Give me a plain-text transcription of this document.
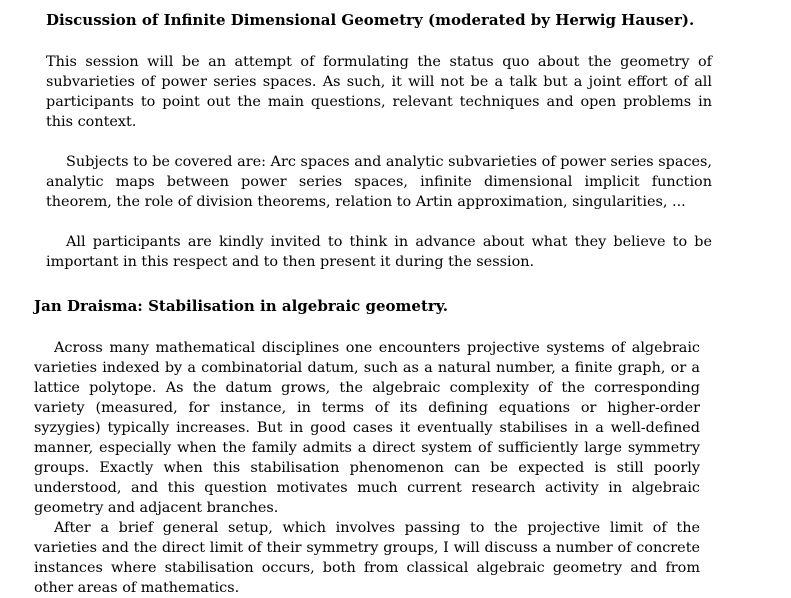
Discussion of Infinite Dimensional Geometry (moderated by Herwig Hauser).

This session will be an attempt of formulating the status quo about the geometry of subvarieties of power series spaces. As such, it will not be a talk but a joint effort of all participants to point out the main questions, relevant techniques and open problems in this context.

Subjects to be covered are: Arc spaces and analytic subvarieties of power series spaces, analytic maps between power series spaces, infinite dimensional implicit function theorem, the role of division theorems, relation to Artin approximation, singularities, ...

All participants are kindly invited to think in advance about what they believe to be important in this respect and to then present it during the session.

Jan Draisma: Stabilisation in algebraic geometry.

Across many mathematical disciplines one encounters projective systems of algebraic varieties indexed by a combinatorial datum, such as a natural number, a finite graph, or a lattice polytope. As the datum grows, the algebraic complexity of the corresponding variety (measured, for instance, in terms of its defining equations or higher-order syzygies) typically increases. But in good cases it eventually stabilises in a well-defined manner, especially when the family admits a direct system of sufficiently large symmetry groups. Exactly when this stabilisation phenomenon can be expected is still poorly understood, and this question motivates much current research activity in algebraic geometry and adjacent branches.

After a brief general setup, which involves passing to the projective limit of the varieties and the direct limit of their symmetry groups, I will discuss a number of concrete instances where stabilisation occurs, both from classical algebraic geometry and from other areas of mathematics.
